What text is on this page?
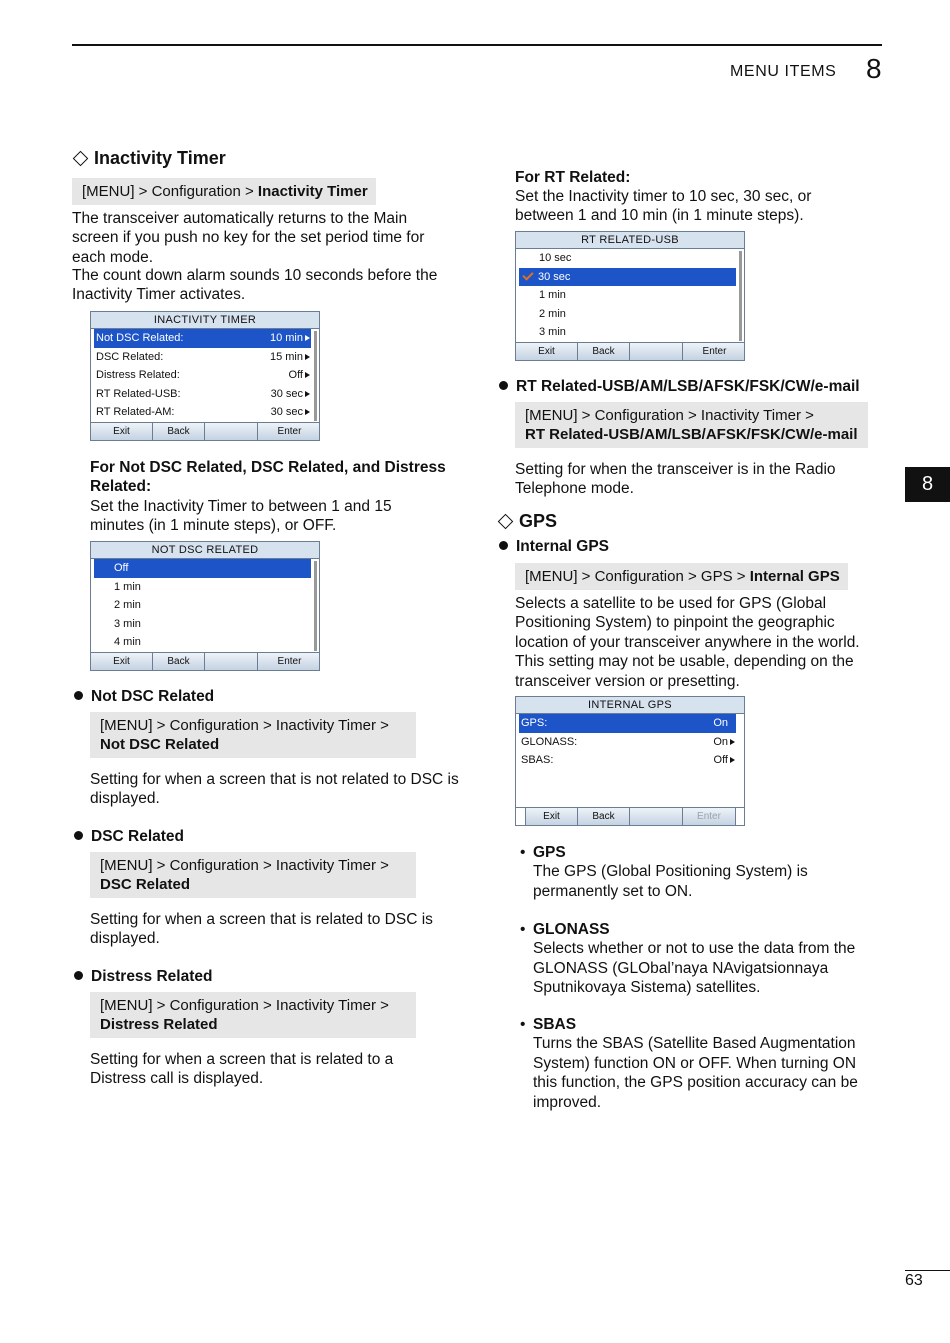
MENU ITEMS 8
8
63
Inactivity Timer
[MENU] > Configuration > Inactivity Timer
The transceiver automatically returns to the Main screen if you push no key for the set period time for each mode.
The count down alarm sounds 10 seconds before the Inactivity Timer activates.
INACTIVITY TIMER
Not DSC Related:	10 min
DSC Related:	15 min
Distress Related:	Off
RT Related-USB:	30 sec
RT Related-AM:	30 sec
Exit	Back	Enter
For Not DSC Related, DSC Related, and Distress Related:
Set the Inactivity Timer to between 1 and 15 minutes (in 1 minute steps), or OFF.
NOT DSC RELATED
Off
1 min
2 min
3 min
4 min
Exit	Back	Enter
Not DSC Related
[MENU] > Configuration > Inactivity Timer >
Not DSC Related
Setting for when a screen that is not related to DSC is displayed.
DSC Related
[MENU] > Configuration > Inactivity Timer >
DSC Related
Setting for when a screen that is related to DSC is displayed.
Distress Related
[MENU] > Configuration > Inactivity Timer >
Distress Related
Setting for when a screen that is related to a Distress call is displayed.
For RT Related:
Set the Inactivity timer to 10 sec, 30 sec, or between 1 and 10 min (in 1 minute steps).
RT RELATED-USB
10 sec
30 sec
1 min
2 min
3 min
Exit	Back	Enter
RT Related-USB/AM/LSB/AFSK/FSK/CW/e-mail
[MENU] > Configuration > Inactivity Timer >
RT Related-USB/AM/LSB/AFSK/FSK/CW/e-mail
Setting for when the transceiver is in the Radio Telephone mode.
GPS
Internal GPS
[MENU] > Configuration > GPS > Internal GPS
Selects a satellite to be used for GPS (Global Positioning System) to pinpoint the geographic location of your transceiver anywhere in the world. This setting may not be usable, depending on the transceiver version or presetting.
INTERNAL GPS
GPS:	On
GLONASS:	On
SBAS:	Off
Exit	Back	Enter
• GPS
The GPS (Global Positioning System) is permanently set to ON.
• GLONASS
Selects whether or not to use the data from the GLONASS (GLObal’naya NAvigatsionnaya Sputnikovaya Sistema) satellites.
• SBAS
Turns the SBAS (Satellite Based Augmentation System) function ON or OFF. When turning ON this function, the GPS position accuracy can be improved.
